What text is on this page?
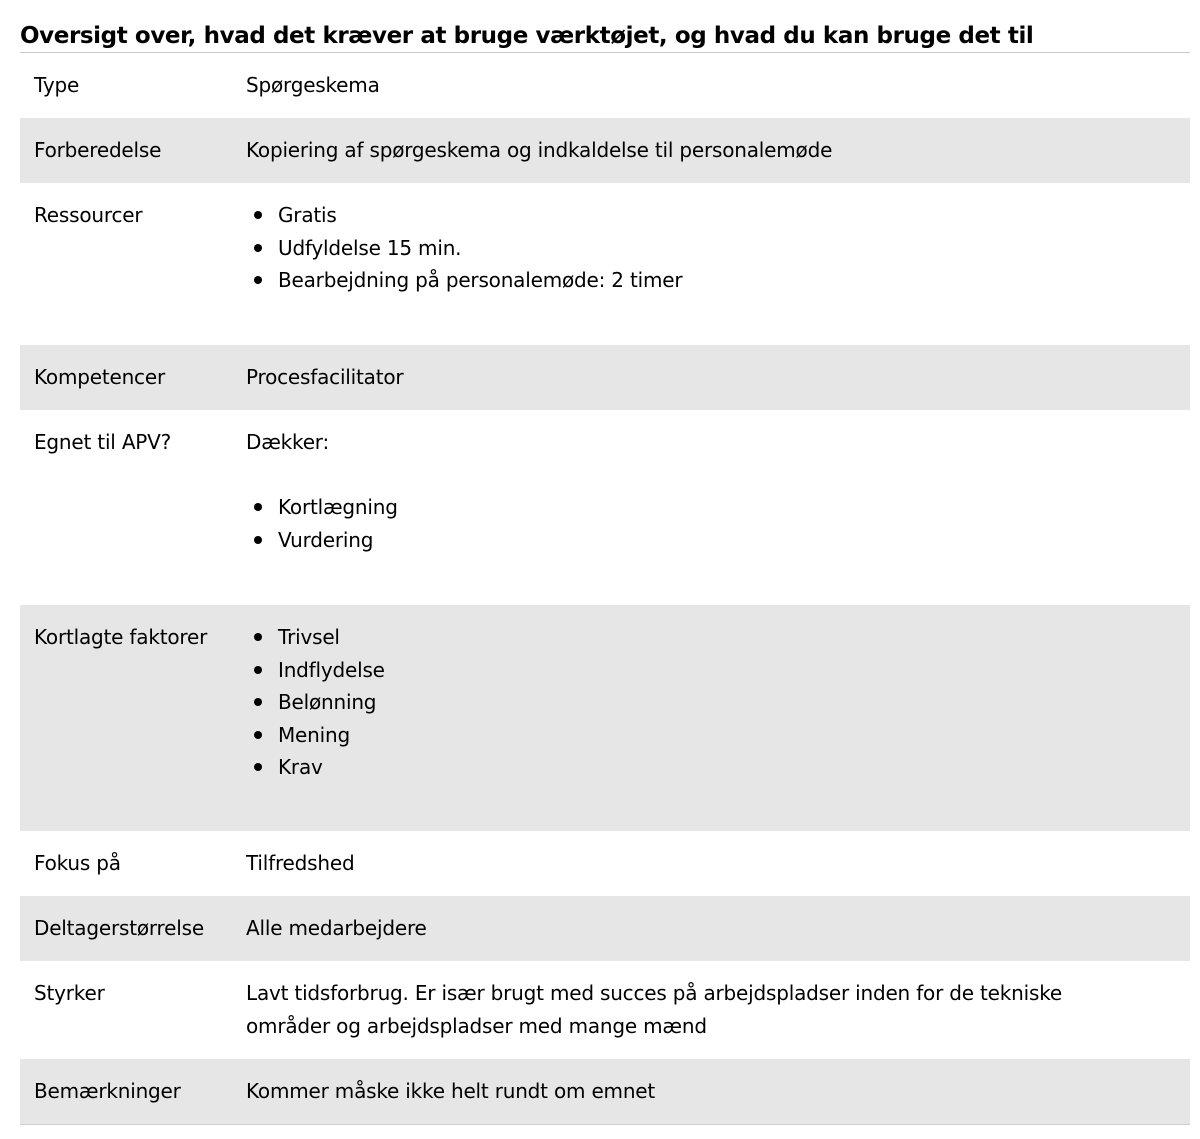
Oversigt over, hvad det kræver at bruge værktøjet, og hvad du kan bruge det til
Type	Spørgeskema
Forberedelse	Kopiering af spørgeskema og indkaldelse til personalemøde
Ressourcer	Gratis
Udfyldelse 15 min.
Bearbejdning på personalemøde: 2 timer
Kompetencer	Procesfacilitator
Egnet til APV?	Dækker:
Kortlægning
Vurdering
Kortlagte faktorer	Trivsel
Indflydelse
Belønning
Mening
Krav
Fokus på	Tilfredshed
Deltagerstørrelse	Alle medarbejdere
Styrker	Lavt tidsforbrug. Er især brugt med succes på arbejdspladser inden for de tekniske områder og arbejdspladser med mange mænd
Bemærkninger	Kommer måske ikke helt rundt om emnet
